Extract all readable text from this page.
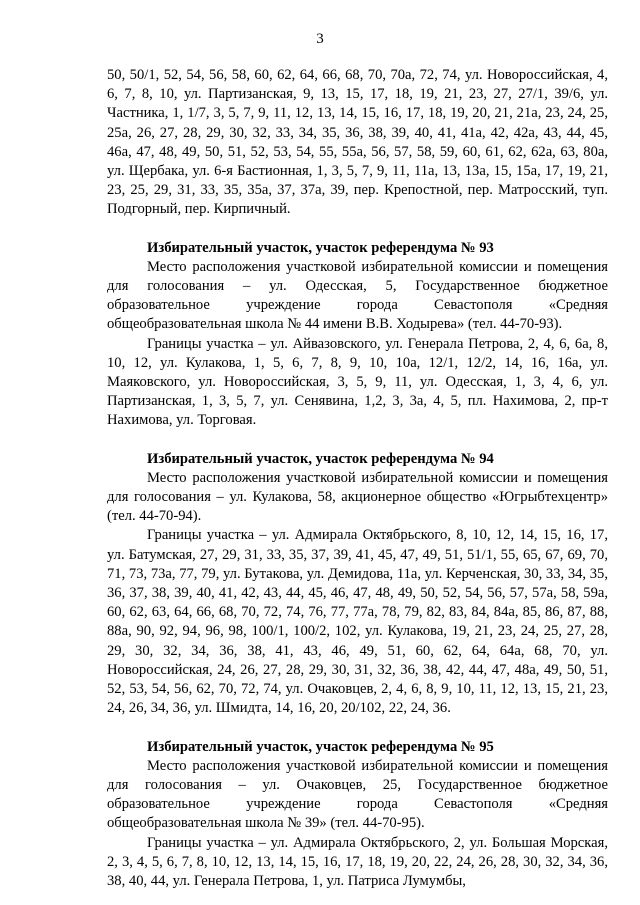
3

50, 50/1, 52, 54, 56, 58, 60, 62, 64, 66, 68, 70, 70а, 72, 74, ул. Новороссийская, 4, 6, 7, 8, 10, ул. Партизанская, 9, 13, 15, 17, 18, 19, 21, 23, 27, 27/1, 39/6, ул. Частника, 1, 1/7, 3, 5, 7, 9, 11, 12, 13, 14, 15, 16, 17, 18, 19, 20, 21, 21а, 23, 24, 25, 25а, 26, 27, 28, 29, 30, 32, 33, 34, 35, 36, 38, 39, 40, 41, 41а, 42, 42а, 43, 44, 45, 46а, 47, 48, 49, 50, 51, 52, 53, 54, 55, 55а, 56, 57, 58, 59, 60, 61, 62, 62а, 63, 80а, ул. Щербака, ул. 6-я Бастионная, 1, 3, 5, 7, 9, 11, 11а, 13, 13а, 15, 15а, 17, 19, 21, 23, 25, 29, 31, 33, 35, 35а, 37, 37а, 39, пер. Крепостной, пер. Матросский, туп. Подгорный, пер. Кирпичный.

Избирательный участок, участок референдума № 93

Место расположения участковой избирательной комиссии и помещения для голосования – ул. Одесская, 5, Государственное бюджетное образовательное учреждение города Севастополя «Средняя общеобразовательная школа № 44 имени В.В. Ходырева» (тел. 44-70-93).

Границы участка – ул. Айвазовского, ул. Генерала Петрова, 2, 4, 6, 6а, 8, 10, 12, ул. Кулакова, 1, 5, 6, 7, 8, 9, 10, 10а, 12/1, 12/2, 14, 16, 16а, ул. Маяковского, ул. Новороссийская, 3, 5, 9, 11, ул. Одесская, 1, 3, 4, 6, ул. Партизанская, 1, 3, 5, 7, ул. Сенявина, 1,2, 3, 3а, 4, 5, пл. Нахимова, 2, пр-т Нахимова, ул. Торговая.

Избирательный участок, участок референдума № 94

Место расположения участковой избирательной комиссии и помещения для голосования – ул. Кулакова, 58, акционерное общество «Югрыбтехцентр» (тел. 44-70-94).

Границы участка – ул. Адмирала Октябрьского, 8, 10, 12, 14, 15, 16, 17, ул. Батумская, 27, 29, 31, 33, 35, 37, 39, 41, 45, 47, 49, 51, 51/1, 55, 65, 67, 69, 70, 71, 73, 73а, 77, 79, ул. Бутакова, ул. Демидова, 11а, ул. Керченская, 30, 33, 34, 35, 36, 37, 38, 39, 40, 41, 42, 43, 44, 45, 46, 47, 48, 49, 50, 52, 54, 56, 57, 57а, 58, 59а, 60, 62, 63, 64, 66, 68, 70, 72, 74, 76, 77, 77а, 78, 79, 82, 83, 84, 84а, 85, 86, 87, 88, 88а, 90, 92, 94, 96, 98, 100/1, 100/2, 102, ул. Кулакова, 19, 21, 23, 24, 25, 27, 28, 29, 30, 32, 34, 36, 38, 41, 43, 46, 49, 51, 60, 62, 64, 64а, 68, 70, ул. Новороссийская, 24, 26, 27, 28, 29, 30, 31, 32, 36, 38, 42, 44, 47, 48а, 49, 50, 51, 52, 53, 54, 56, 62, 70, 72, 74, ул. Очаковцев, 2, 4, 6, 8, 9, 10, 11, 12, 13, 15, 21, 23, 24, 26, 34, 36, ул. Шмидта, 14, 16, 20, 20/102, 22, 24, 36.

Избирательный участок, участок референдума № 95

Место расположения участковой избирательной комиссии и помещения для голосования – ул. Очаковцев, 25, Государственное бюджетное образовательное учреждение города Севастополя «Средняя общеобразовательная школа № 39» (тел. 44-70-95).

Границы участка – ул. Адмирала Октябрьского, 2, ул. Большая Морская, 2, 3, 4, 5, 6, 7, 8, 10, 12, 13, 14, 15, 16, 17, 18, 19, 20, 22, 24, 26, 28, 30, 32, 34, 36, 38, 40, 44, ул. Генерала Петрова, 1, ул. Патриса Лумумбы,
